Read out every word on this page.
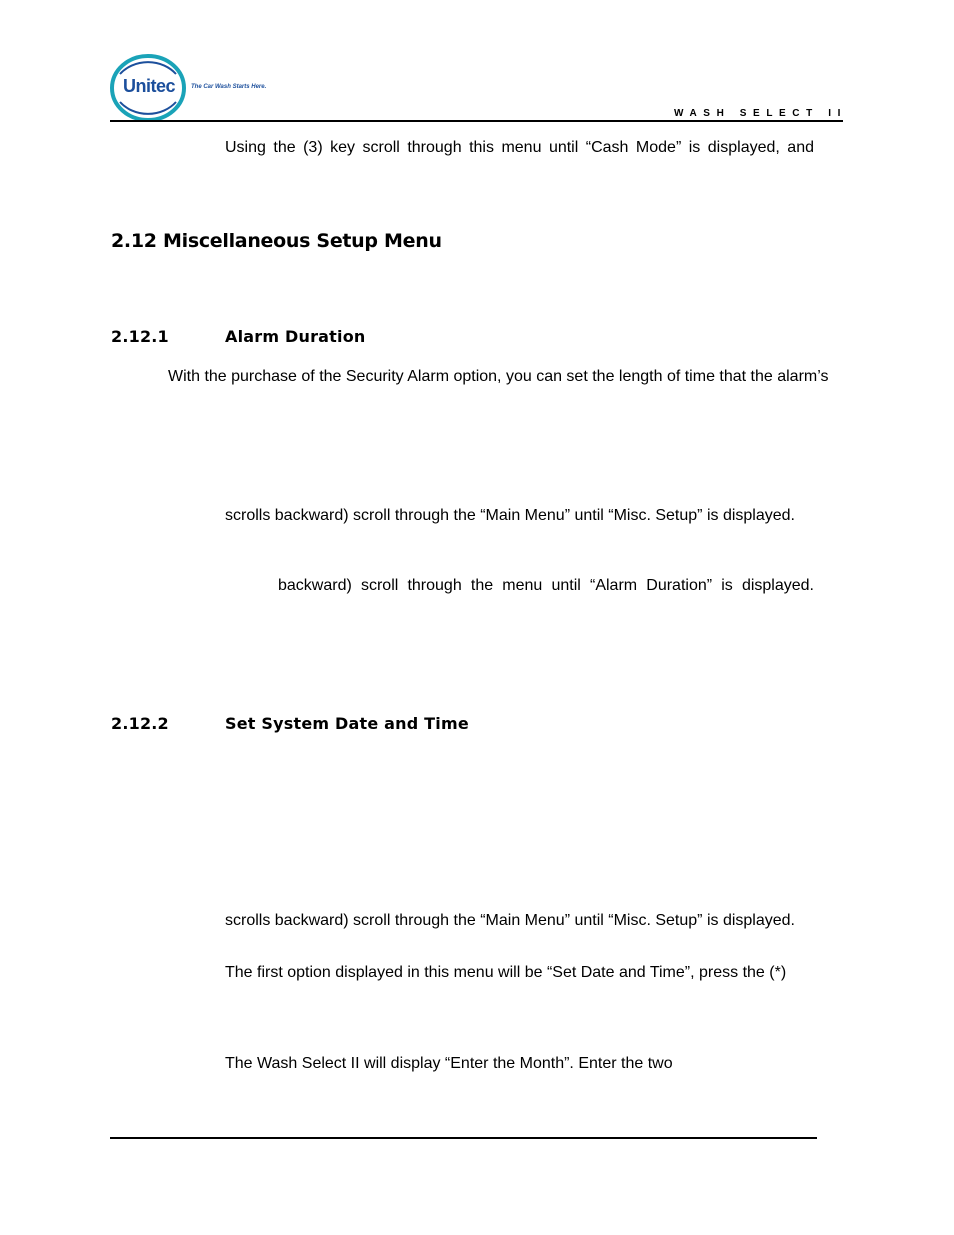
Unitec	The Car Wash Starts Here.
WASH SELECT II
Using the (3) key scroll through this menu until “Cash Mode” is displayed, and
2.12 Miscellaneous Setup Menu
2.12.1	Alarm Duration
With the purchase of the Security Alarm option, you can set the length of time that the alarm’s
scrolls backward) scroll through the “Main Menu” until “Misc. Setup” is displayed.
backward) scroll through the menu until “Alarm Duration” is displayed.
2.12.2	Set System Date and Time
scrolls backward) scroll through the “Main Menu” until “Misc. Setup” is displayed.
The first option displayed in this menu will be “Set Date and Time”, press the (*)
The Wash Select II will display “Enter the Month”. Enter the two
